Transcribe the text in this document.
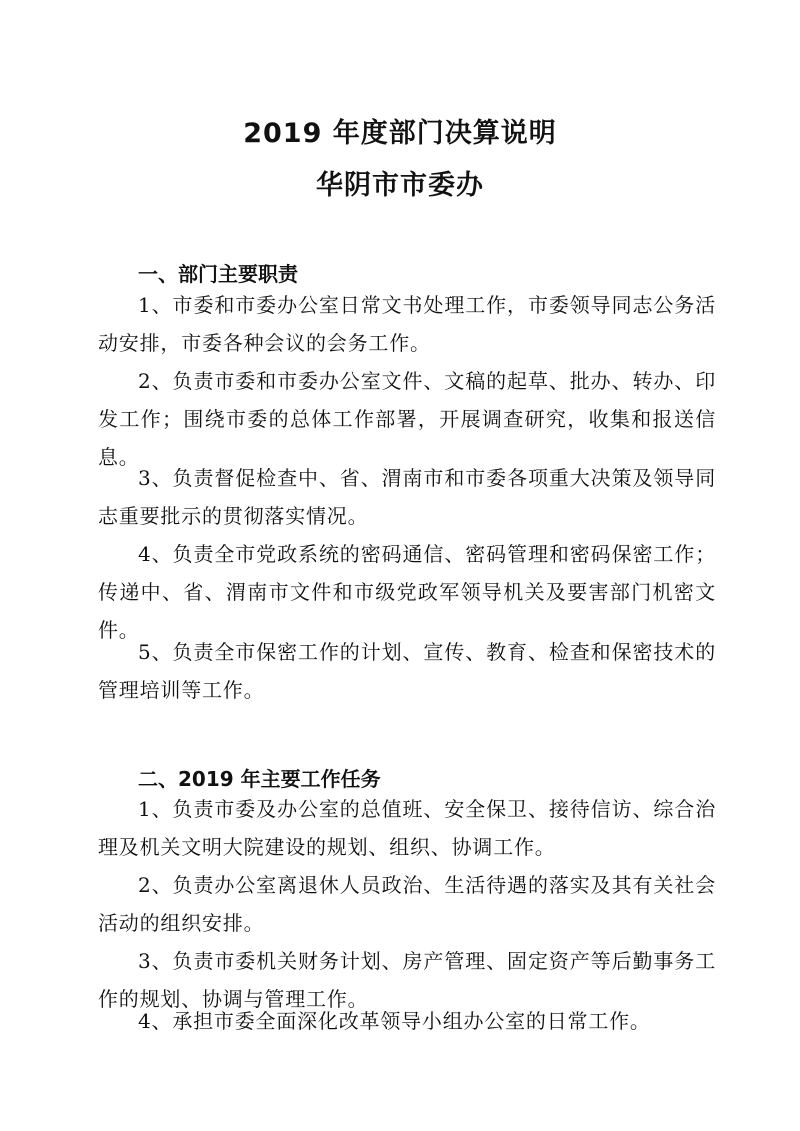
2019 年度部门决算说明
华阴市市委办
一、部门主要职责

1、市委和市委办公室日常文书处理工作，市委领导同志公务活动安排，市委各种会议的会务工作。

2、负责市委和市委办公室文件、文稿的起草、批办、转办、印发工作；围绕市委的总体工作部署，开展调查研究，收集和报送信息。

3、负责督促检查中、省、渭南市和市委各项重大决策及领导同志重要批示的贯彻落实情况。

4、负责全市党政系统的密码通信、密码管理和密码保密工作；传递中、省、渭南市文件和市级党政军领导机关及要害部门机密文件。

5、负责全市保密工作的计划、宣传、教育、检查和保密技术的管理培训等工作。

二、2019 年主要工作任务

1、负责市委及办公室的总值班、安全保卫、接待信访、综合治理及机关文明大院建设的规划、组织、协调工作。

2、负责办公室离退休人员政治、生活待遇的落实及其有关社会活动的组织安排。

3、负责市委机关财务计划、房产管理、固定资产等后勤事务工作的规划、协调与管理工作。

4、承担市委全面深化改革领导小组办公室的日常工作。
